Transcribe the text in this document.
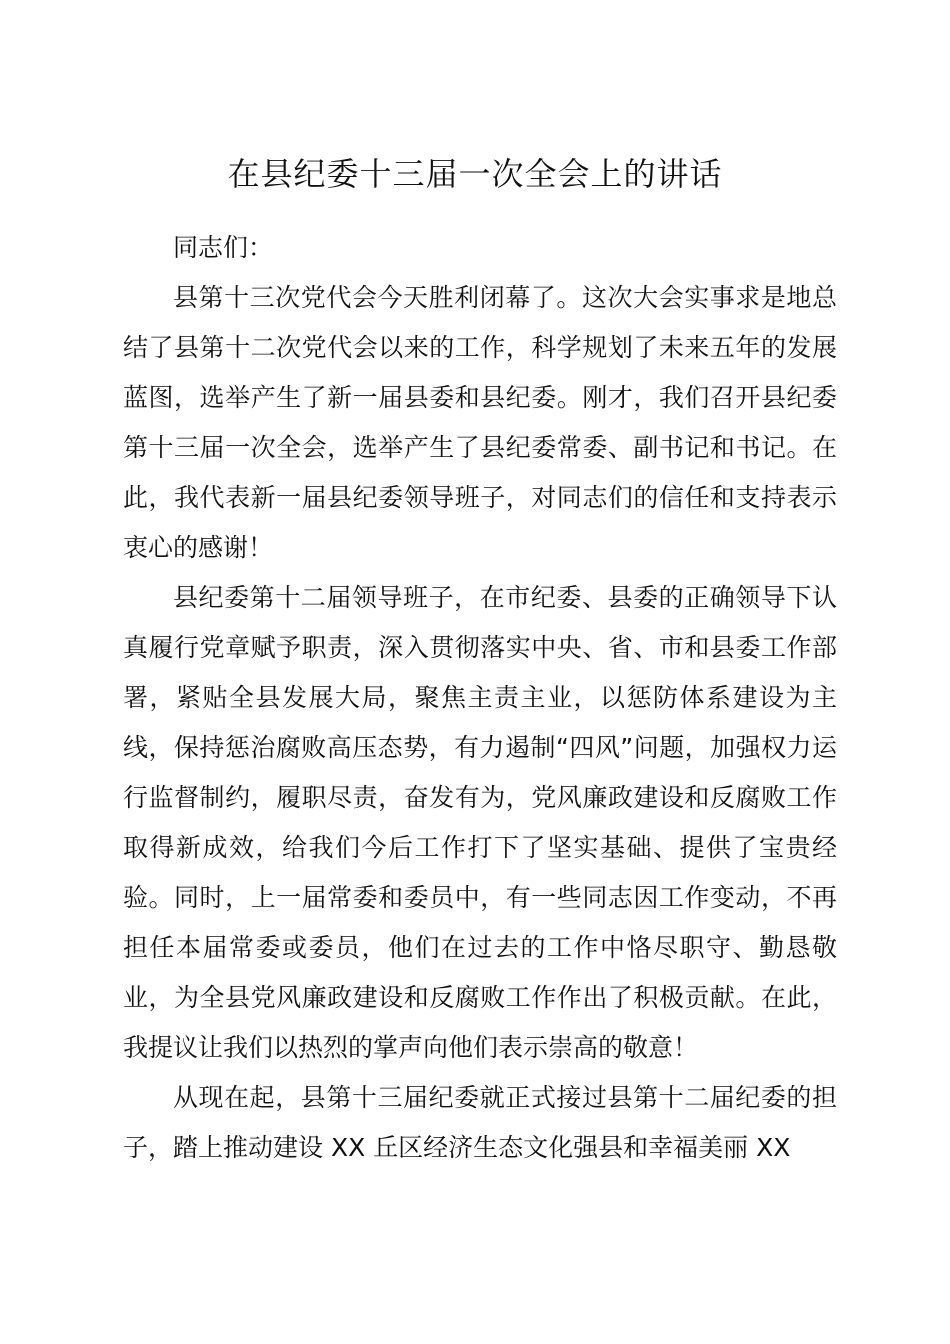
在县纪委十三届一次全会上的讲话

同志们：

县第十三次党代会今天胜利闭幕了。这次大会实事求是地总结了县第十二次党代会以来的工作，科学规划了未来五年的发展蓝图，选举产生了新一届县委和县纪委。刚才，我们召开县纪委第十三届一次全会，选举产生了县纪委常委、副书记和书记。在此，我代表新一届县纪委领导班子，对同志们的信任和支持表示衷心的感谢！

县纪委第十二届领导班子，在市纪委、县委的正确领导下认真履行党章赋予职责，深入贯彻落实中央、省、市和县委工作部署，紧贴全县发展大局，聚焦主责主业，以惩防体系建设为主线，保持惩治腐败高压态势，有力遏制“四风”问题，加强权力运行监督制约，履职尽责，奋发有为，党风廉政建设和反腐败工作取得新成效，给我们今后工作打下了坚实基础、提供了宝贵经验。同时，上一届常委和委员中，有一些同志因工作变动，不再担任本届常委或委员，他们在过去的工作中恪尽职守、勤恳敬业，为全县党风廉政建设和反腐败工作作出了积极贡献。在此，我提议让我们以热烈的掌声向他们表示崇高的敬意！

从现在起，县第十三届纪委就正式接过县第十二届纪委的担子，踏上推动建设 XX 丘区经济生态文化强县和幸福美丽 XX
